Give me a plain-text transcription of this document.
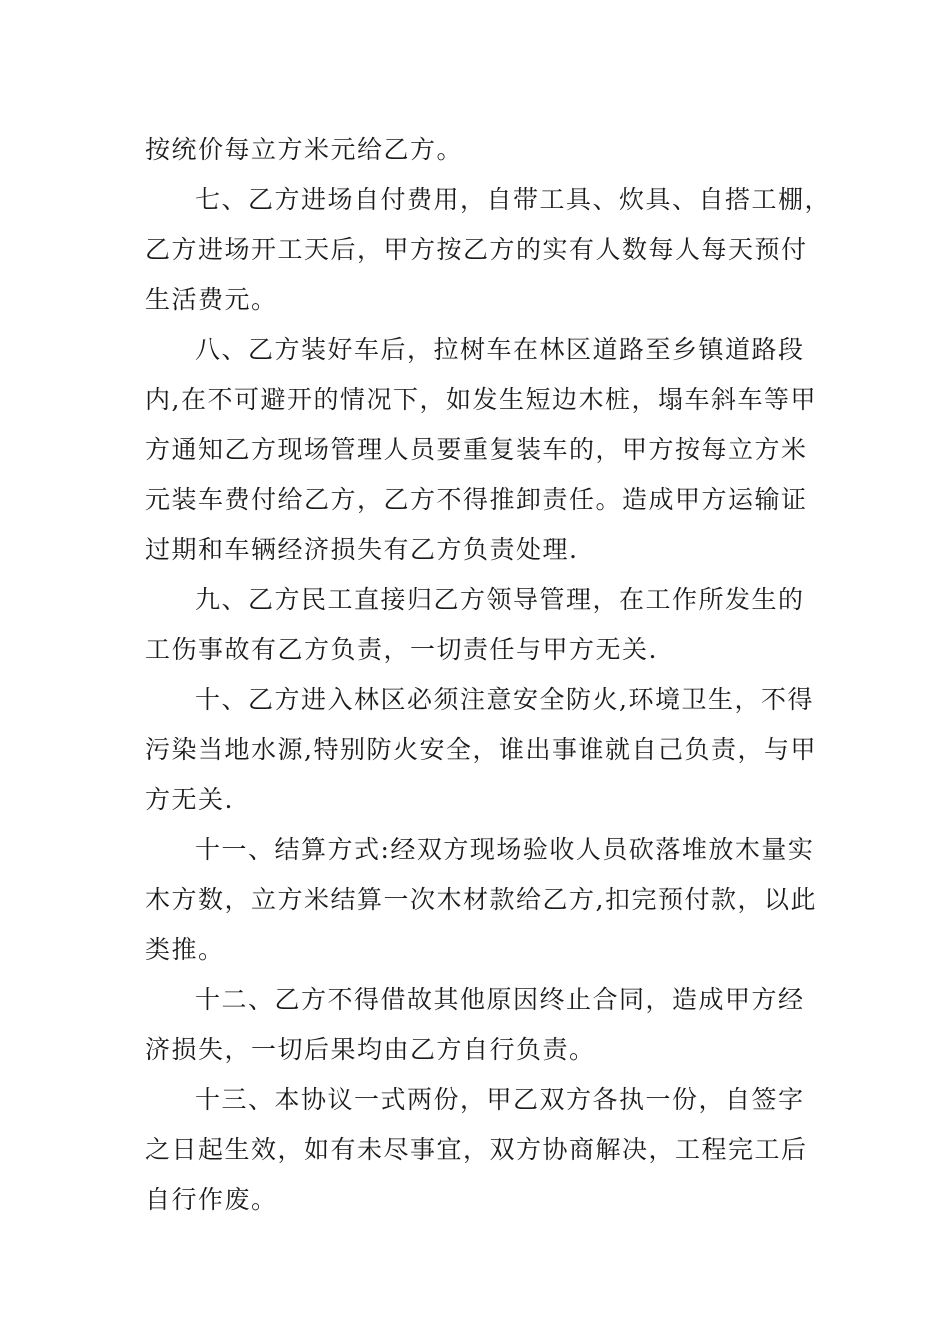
按统价每立方米元给乙方。
七、乙方进场自付费用，自带工具、炊具、自搭工棚，
乙方进场开工天后，甲方按乙方的实有人数每人每天预付
生活费元。
八、乙方装好车后，拉树车在林区道路至乡镇道路段
内,在不可避开的情况下，如发生短边木桩，塌车斜车等甲
方通知乙方现场管理人员要重复装车的，甲方按每立方米
元装车费付给乙方，乙方不得推卸责任。造成甲方运输证
过期和车辆经济损失有乙方负责处理.
九、乙方民工直接归乙方领导管理，在工作所发生的
工伤事故有乙方负责，一切责任与甲方无关.
十、乙方进入林区必须注意安全防火,环境卫生，不得
污染当地水源,特别防火安全，谁出事谁就自己负责，与甲
方无关.
十一、结算方式:经双方现场验收人员砍落堆放木量实
木方数，立方米结算一次木材款给乙方,扣完预付款，以此
类推。
十二、乙方不得借故其他原因终止合同，造成甲方经
济损失，一切后果均由乙方自行负责。
十三、本协议一式两份，甲乙双方各执一份，自签字
之日起生效，如有未尽事宜，双方协商解决，工程完工后
自行作废。
